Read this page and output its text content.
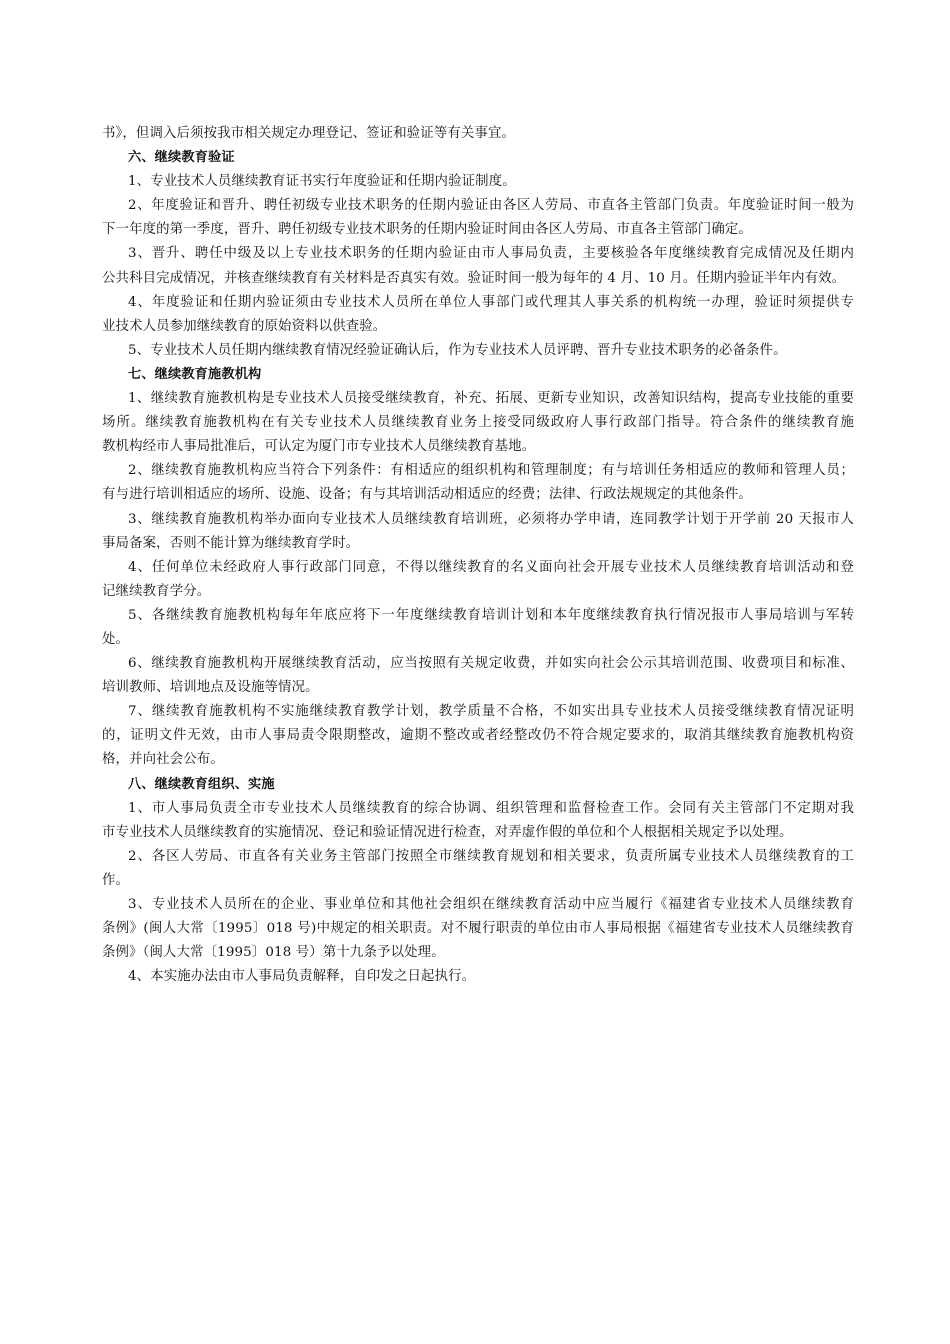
书》，但调入后须按我市相关规定办理登记、签证和验证等有关事宜。
六、继续教育验证
1、专业技术人员继续教育证书实行年度验证和任期内验证制度。
2、年度验证和晋升、聘任初级专业技术职务的任期内验证由各区人劳局、市直各主管部门负责。年度验证时间一般为
下一年度的第一季度，晋升、聘任初级专业技术职务的任期内验证时间由各区人劳局、市直各主管部门确定。
3、晋升、聘任中级及以上专业技术职务的任期内验证由市人事局负责，主要核验各年度继续教育完成情况及任期内
公共科目完成情况，并核查继续教育有关材料是否真实有效。验证时间一般为每年的 4 月、10 月。任期内验证半年内有效。
4、年度验证和任期内验证须由专业技术人员所在单位人事部门或代理其人事关系的机构统一办理，验证时须提供专
业技术人员参加继续教育的原始资料以供查验。
5、专业技术人员任期内继续教育情况经验证确认后，作为专业技术人员评聘、晋升专业技术职务的必备条件。
七、继续教育施教机构
1、继续教育施教机构是专业技术人员接受继续教育，补充、拓展、更新专业知识，改善知识结构，提高专业技能的重要
场所。继续教育施教机构在有关专业技术人员继续教育业务上接受同级政府人事行政部门指导。符合条件的继续教育施
教机构经市人事局批准后，可认定为厦门市专业技术人员继续教育基地。
2、继续教育施教机构应当符合下列条件：有相适应的组织机构和管理制度；有与培训任务相适应的教师和管理人员；
有与进行培训相适应的场所、设施、设备；有与其培训活动相适应的经费；法律、行政法规规定的其他条件。
3、继续教育施教机构举办面向专业技术人员继续教育培训班，必须将办学申请，连同教学计划于开学前 20 天报市人
事局备案，否则不能计算为继续教育学时。
4、任何单位未经政府人事行政部门同意，不得以继续教育的名义面向社会开展专业技术人员继续教育培训活动和登
记继续教育学分。
5、各继续教育施教机构每年年底应将下一年度继续教育培训计划和本年度继续教育执行情况报市人事局培训与军转
处。
6、继续教育施教机构开展继续教育活动，应当按照有关规定收费，并如实向社会公示其培训范围、收费项目和标准、
培训教师、培训地点及设施等情况。
7、继续教育施教机构不实施继续教育教学计划，教学质量不合格，不如实出具专业技术人员接受继续教育情况证明
的，证明文件无效，由市人事局责令限期整改，逾期不整改或者经整改仍不符合规定要求的，取消其继续教育施教机构资
格，并向社会公布。
八、继续教育组织、实施
1、市人事局负责全市专业技术人员继续教育的综合协调、组织管理和监督检查工作。会同有关主管部门不定期对我
市专业技术人员继续教育的实施情况、登记和验证情况进行检查，对弄虚作假的单位和个人根据相关规定予以处理。
2、各区人劳局、市直各有关业务主管部门按照全市继续教育规划和相关要求，负责所属专业技术人员继续教育的工
作。
3、专业技术人员所在的企业、事业单位和其他社会组织在继续教育活动中应当履行《福建省专业技术人员继续教育
条例》(闽人大常〔1995〕018 号)中规定的相关职责。对不履行职责的单位由市人事局根据《福建省专业技术人员继续教育
条例》（闽人大常〔1995〕018 号）第十九条予以处理。
4、本实施办法由市人事局负责解释，自印发之日起执行。
